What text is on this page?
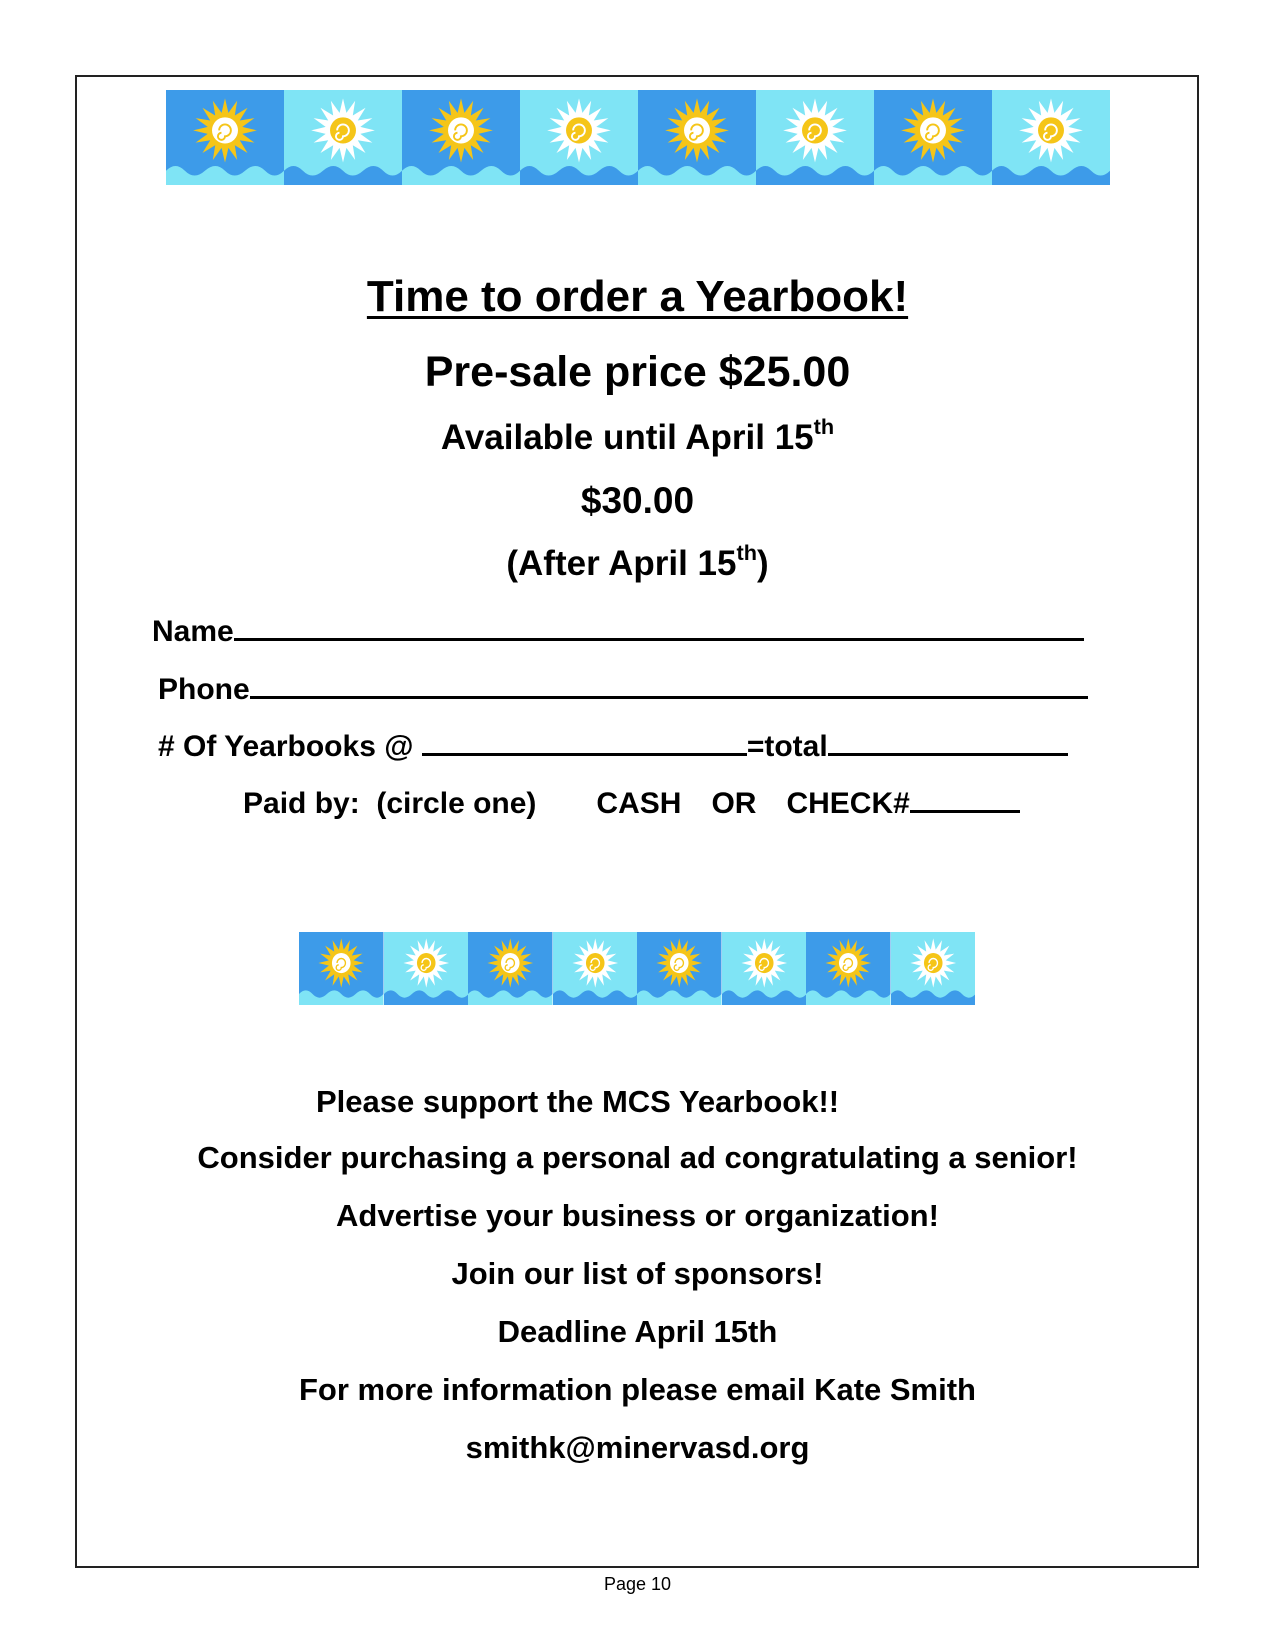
Time to order a Yearbook!
Pre-sale price $25.00
Available until April 15th
$30.00
(After April 15th)
Name
Phone
# Of Yearbooks @	=total
Paid by:  (circle one) CASH OR CHECK#
Please support the MCS Yearbook!!
Consider purchasing a personal ad congratulating a senior!
Advertise your business or organization!
Join our list of sponsors!
Deadline April 15th
For more information please email Kate Smith
smithk@minervasd.org
Page 10
